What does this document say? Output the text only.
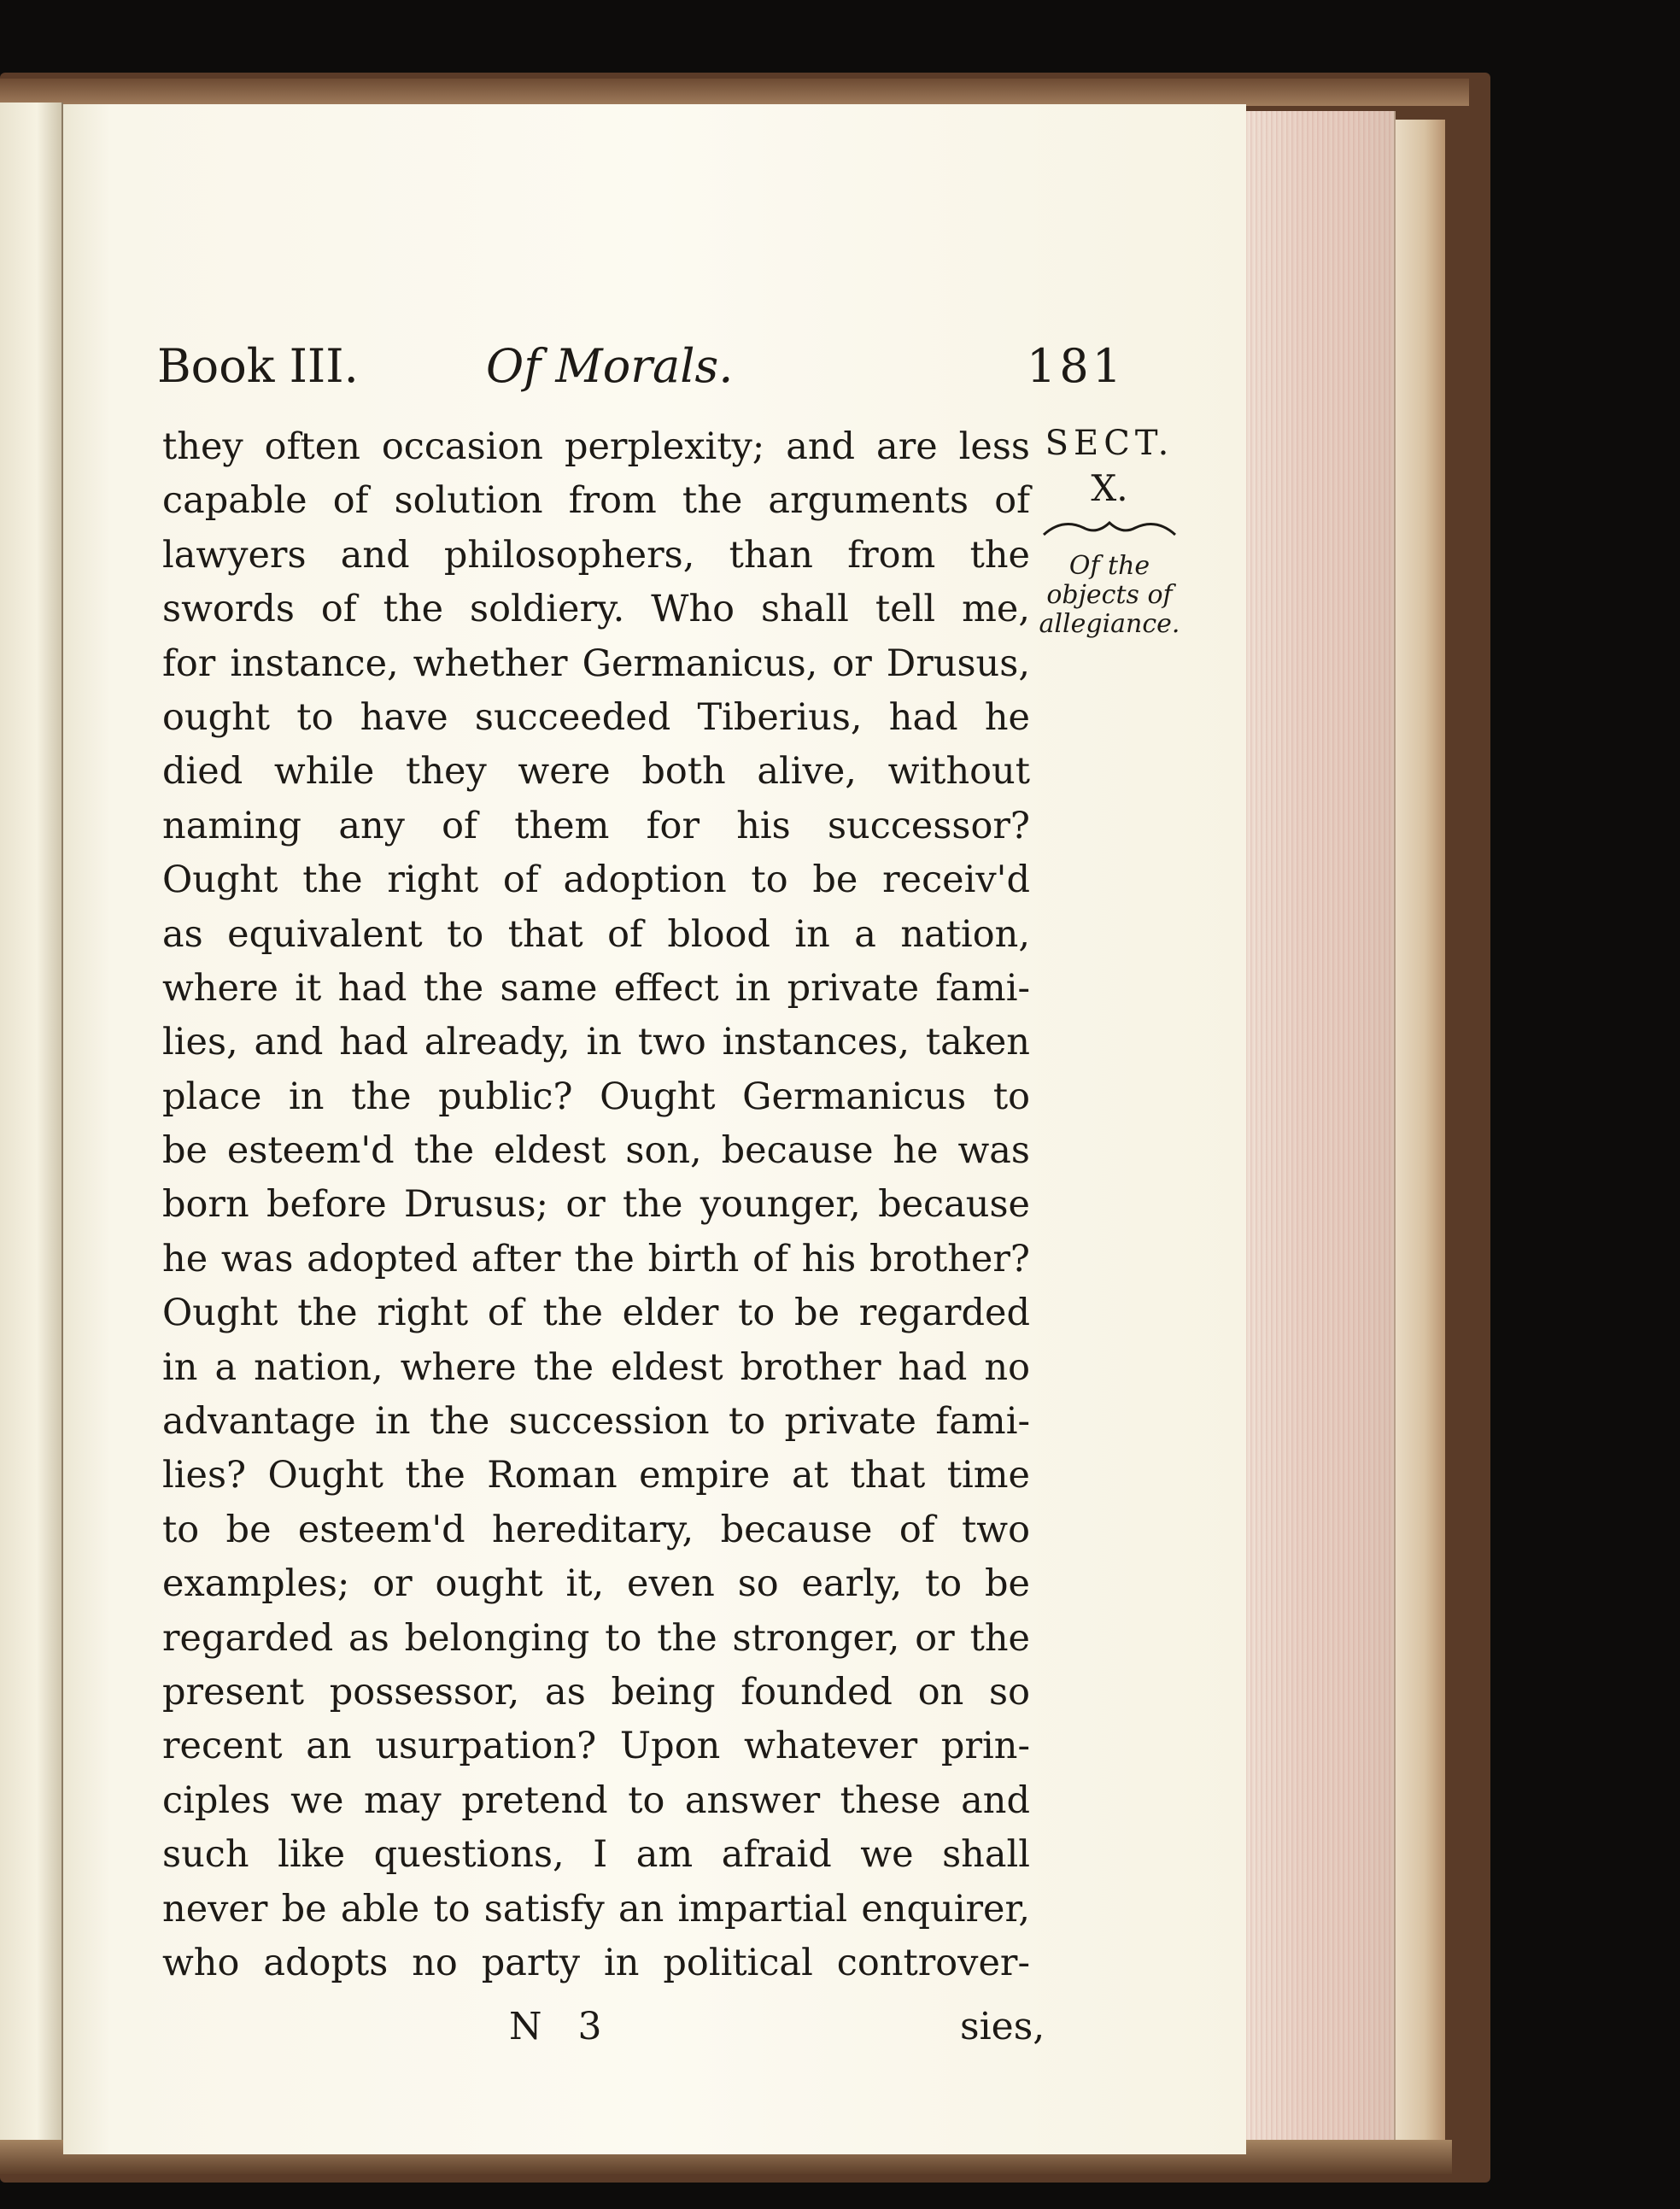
Book III.	Of Morals.	181
they often occasion perplexity; and are less
capable of solution from the arguments of
lawyers and philosophers, than from the
swords of the soldiery. Who shall tell me,
for instance, whether Germanicus, or Drusus,
ought to have succeeded Tiberius, had he
died while they were both alive, without
naming any of them for his successor?
Ought the right of adoption to be receiv'd
as equivalent to that of blood in a nation,
where it had the same effect in private fami-
lies, and had already, in two instances, taken
place in the public? Ought Germanicus to
be esteem'd the eldest son, because he was
born before Drusus; or the younger, because
he was adopted after the birth of his brother?
Ought the right of the elder to be regarded
in a nation, where the eldest brother had no
advantage in the succession to private fami-
lies? Ought the Roman empire at that time
to be esteem'd hereditary, because of two
examples; or ought it, even so early, to be
regarded as belonging to the stronger, or the
present possessor, as being founded on so
recent an usurpation? Upon whatever prin-
ciples we may pretend to answer these and
such like questions, I am afraid we shall
never be able to satisfy an impartial enquirer,
who adopts no party in political controver-
SECT.
X.
Of the
objects of
allegiance.
N 3	sies,
